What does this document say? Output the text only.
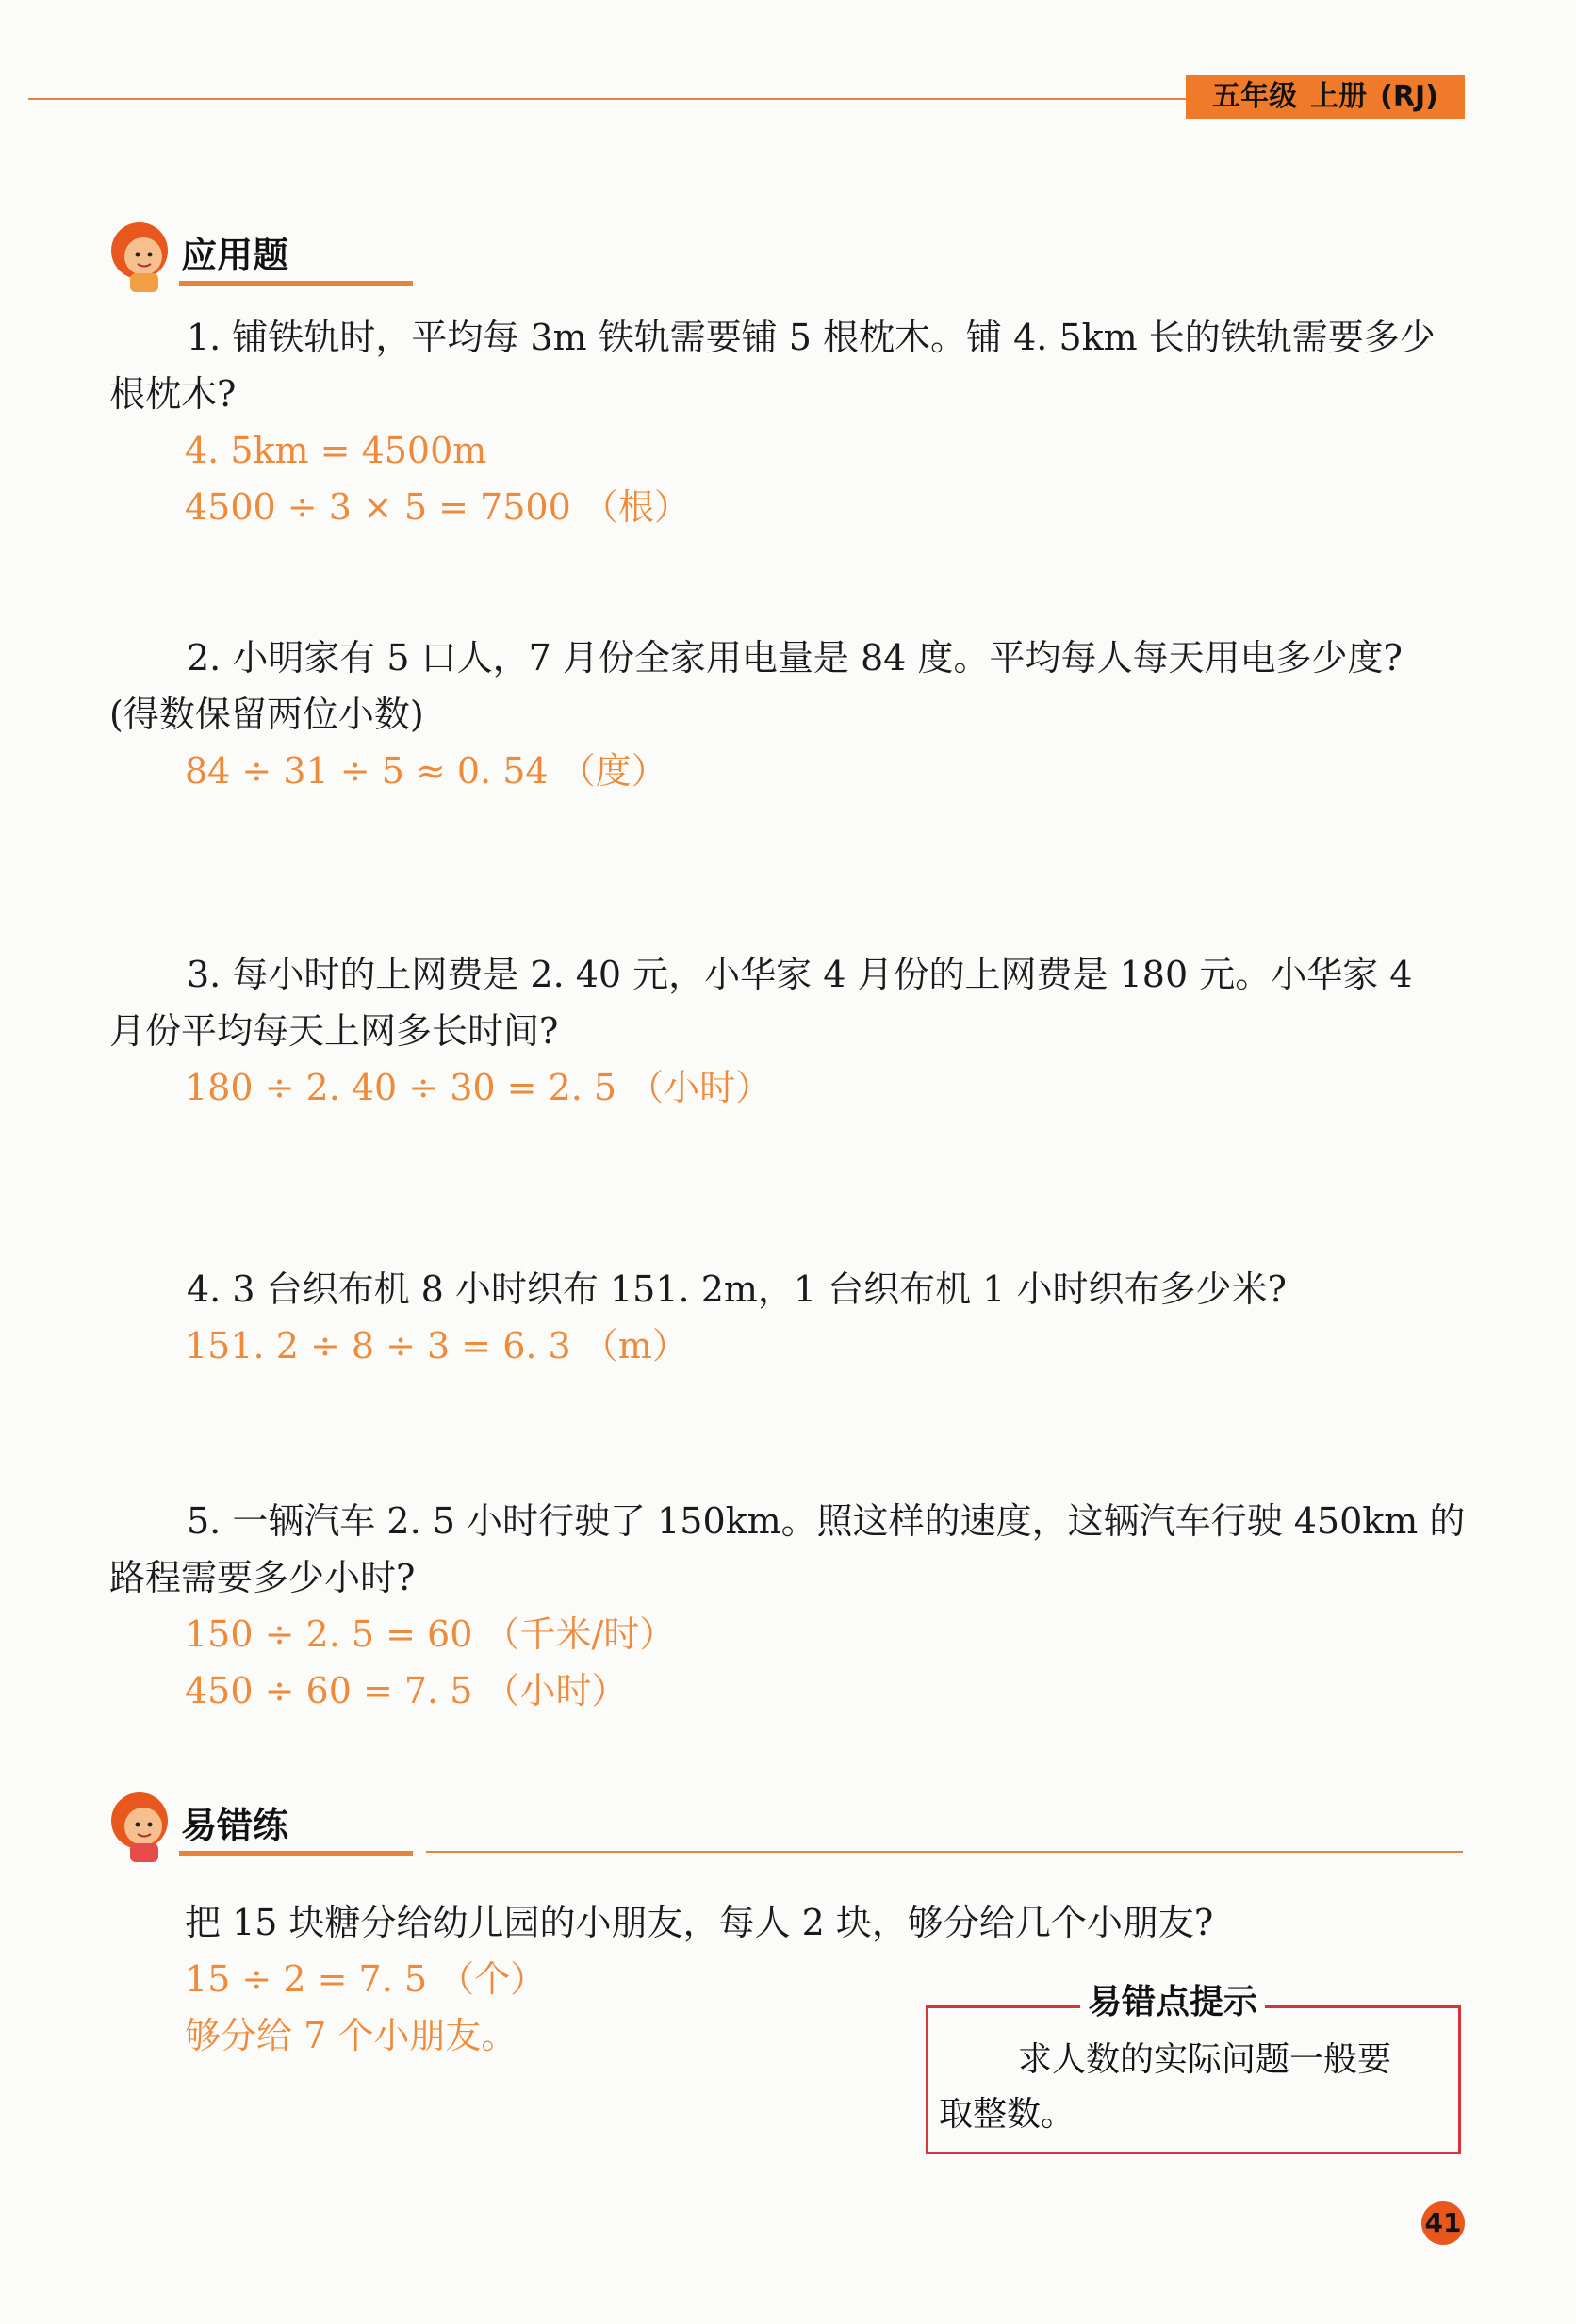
五年级 上册 (RJ)
应用题
1. 铺铁轨时，平均每 3m 铁轨需要铺 5 根枕木。铺 4. 5km 长的铁轨需要多少
根枕木?
4. 5km = 4500m
4500 ÷ 3 × 5 = 7500 （根）
2. 小明家有 5 口人，7 月份全家用电量是 84 度。平均每人每天用电多少度?
(得数保留两位小数)
84 ÷ 31 ÷ 5 ≈ 0. 54 （度）
3. 每小时的上网费是 2. 40 元，小华家 4 月份的上网费是 180 元。小华家 4
月份平均每天上网多长时间?
180 ÷ 2. 40 ÷ 30 = 2. 5 （小时）
4. 3 台织布机 8 小时织布 151. 2m，1 台织布机 1 小时织布多少米?
151. 2 ÷ 8 ÷ 3 = 6. 3 （m）
5. 一辆汽车 2. 5 小时行驶了 150km。照这样的速度，这辆汽车行驶 450km 的
路程需要多少小时?
150 ÷ 2. 5 = 60 （千米/时）
450 ÷ 60 = 7. 5 （小时）
易错练
把 15 块糖分给幼儿园的小朋友，每人 2 块，够分给几个小朋友?
15 ÷ 2 = 7. 5 （个）
够分给 7 个小朋友。
易错点提示
求人数的实际问题一般要
取整数。
41
